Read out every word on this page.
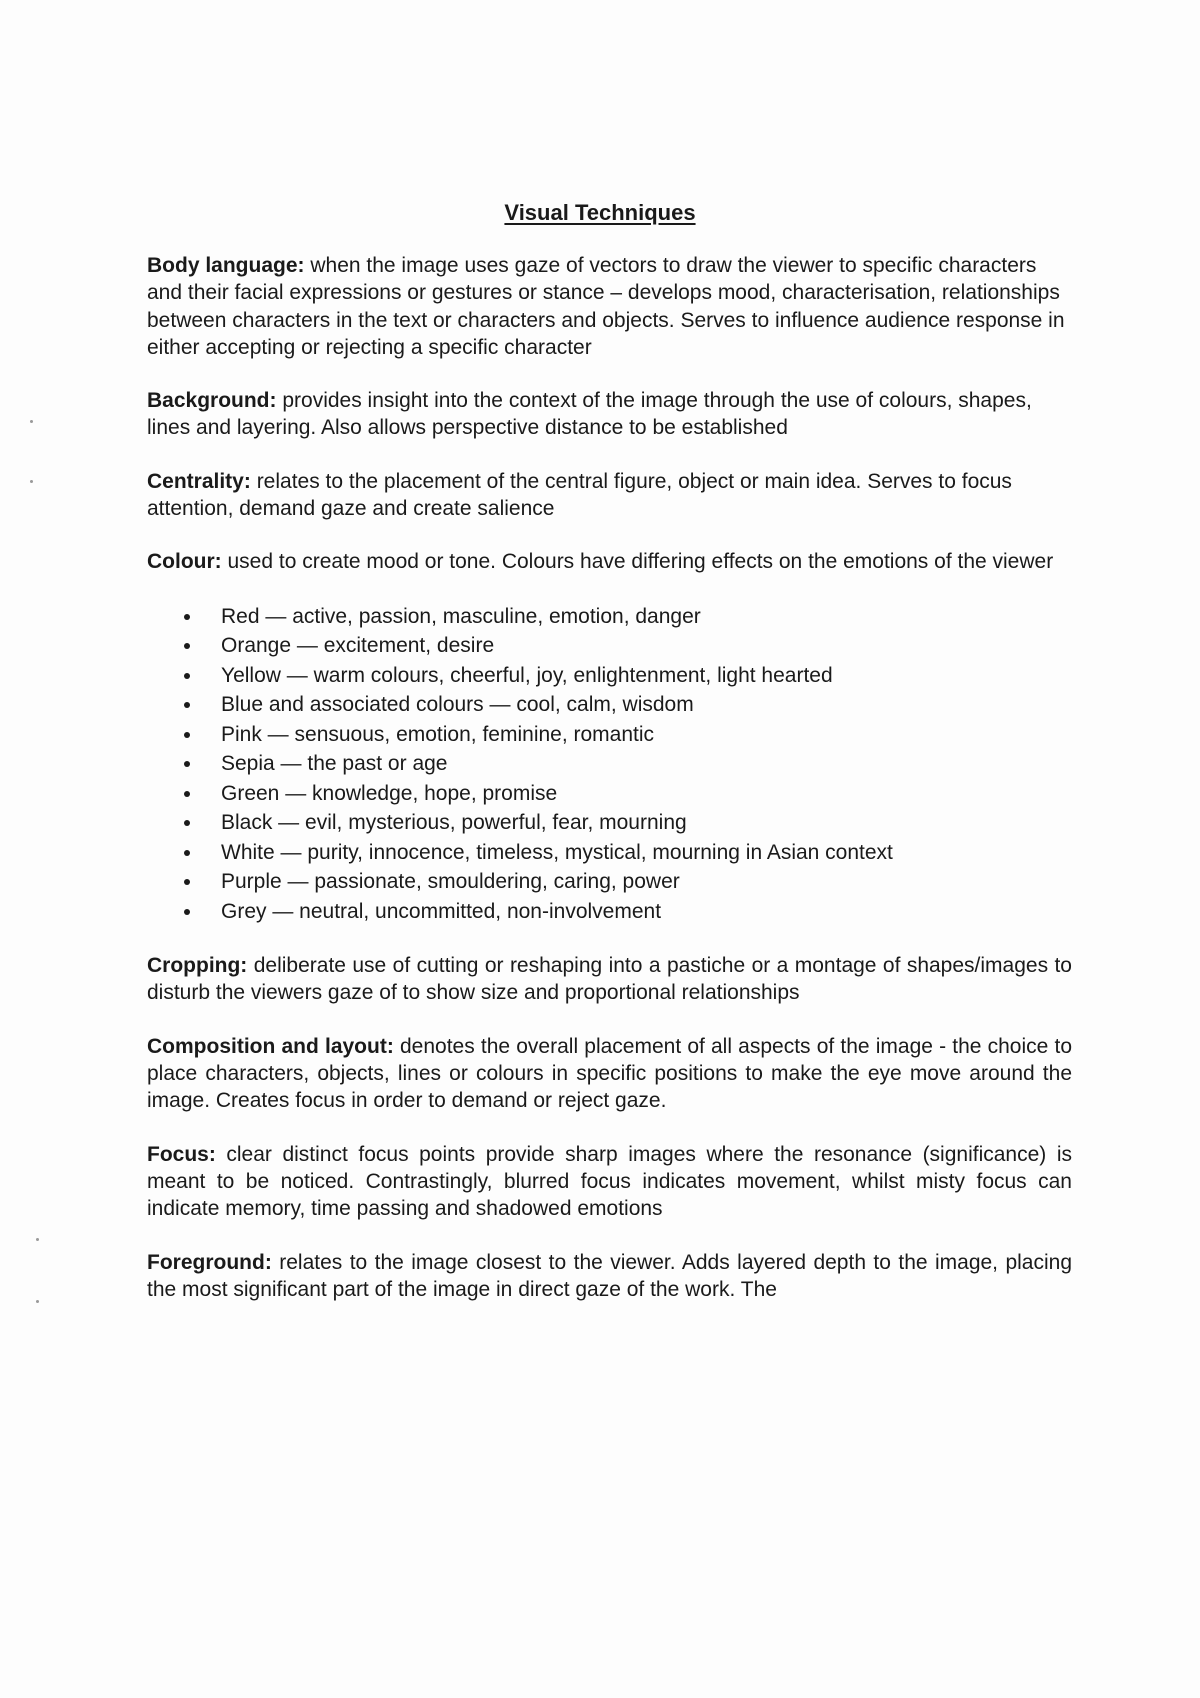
Visual Techniques

Body language: when the image uses gaze of vectors to draw the viewer to specific characters and their facial expressions or gestures or stance – develops mood, characterisation, relationships between characters in the text or characters and objects. Serves to influence audience response in either accepting or rejecting a specific character

Background: provides insight into the context of the image through the use of colours, shapes, lines and layering. Also allows perspective distance to be established

Centrality: relates to the placement of the central figure, object or main idea. Serves to focus attention, demand gaze and create salience

Colour: used to create mood or tone. Colours have differing effects on the emotions of the viewer

Red — active, passion, masculine, emotion, danger
Orange — excitement, desire
Yellow — warm colours, cheerful, joy, enlightenment, light hearted
Blue and associated colours — cool, calm, wisdom
Pink — sensuous, emotion, feminine, romantic
Sepia — the past or age
Green — knowledge, hope, promise
Black — evil, mysterious, powerful, fear, mourning
White — purity, innocence, timeless, mystical, mourning in Asian context
Purple — passionate, smouldering, caring, power
Grey — neutral, uncommitted, non-involvement

Cropping: deliberate use of cutting or reshaping into a pastiche or a montage of shapes/images to disturb the viewers gaze of to show size and proportional relationships

Composition and layout: denotes the overall placement of all aspects of the image - the choice to place characters, objects, lines or colours in specific positions to make the eye move around the image. Creates focus in order to demand or reject gaze.

Focus: clear distinct focus points provide sharp images where the resonance (significance) is meant to be noticed. Contrastingly, blurred focus indicates movement, whilst misty focus can indicate memory, time passing and shadowed emotions

Foreground: relates to the image closest to the viewer. Adds layered depth to the image, placing the most significant part of the image in direct gaze of the work. The
